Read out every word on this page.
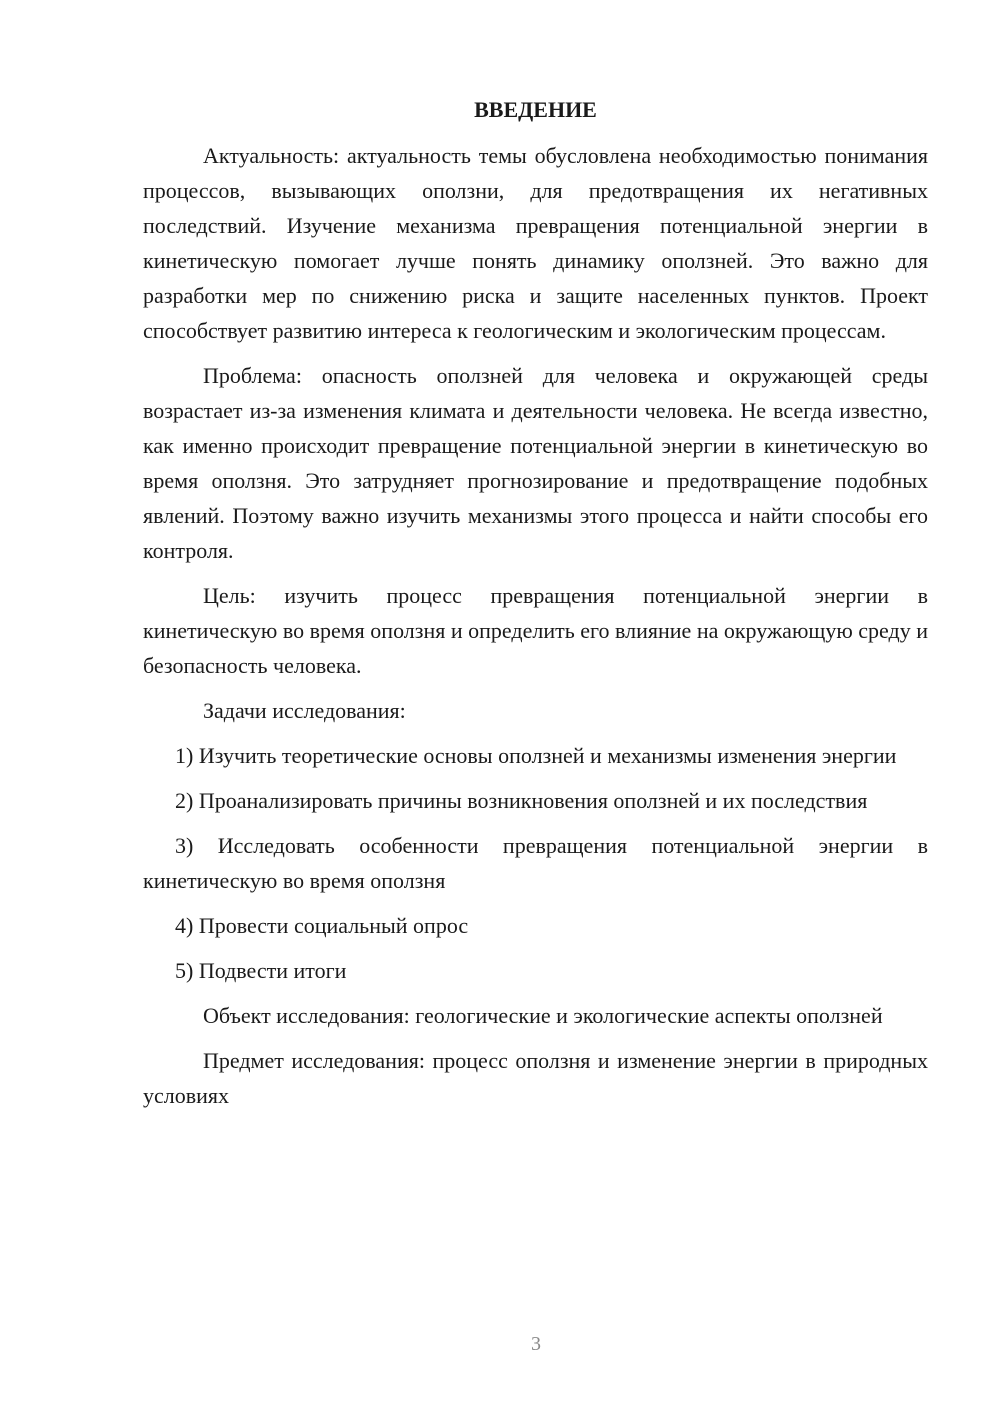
ВВЕДЕНИЕ

Актуальность: актуальность темы обусловлена необходимостью понимания процессов, вызывающих оползни, для предотвращения их негативных последствий. Изучение механизма превращения потенциальной энергии в кинетическую помогает лучше понять динамику оползней. Это важно для разработки мер по снижению риска и защите населенных пунктов. Проект способствует развитию интереса к геологическим и экологическим процессам.

Проблема: опасность оползней для человека и окружающей среды возрастает из-за изменения климата и деятельности человека. Не всегда известно, как именно происходит превращение потенциальной энергии в кинетическую во время оползня. Это затрудняет прогнозирование и предотвращение подобных явлений. Поэтому важно изучить механизмы этого процесса и найти способы его контроля.

Цель: изучить процесс превращения потенциальной энергии в кинетическую во время оползня и определить его влияние на окружающую среду и безопасность человека.

Задачи исследования:

1) Изучить теоретические основы оползней и механизмы изменения энергии

2) Проанализировать причины возникновения оползней и их последствия

3) Исследовать особенности превращения потенциальной энергии в кинетическую во время оползня

4) Провести социальный опрос

5) Подвести итоги

Объект исследования: геологические и экологические аспекты оползней

Предмет исследования: процесс оползня и изменение энергии в природных условиях

3
